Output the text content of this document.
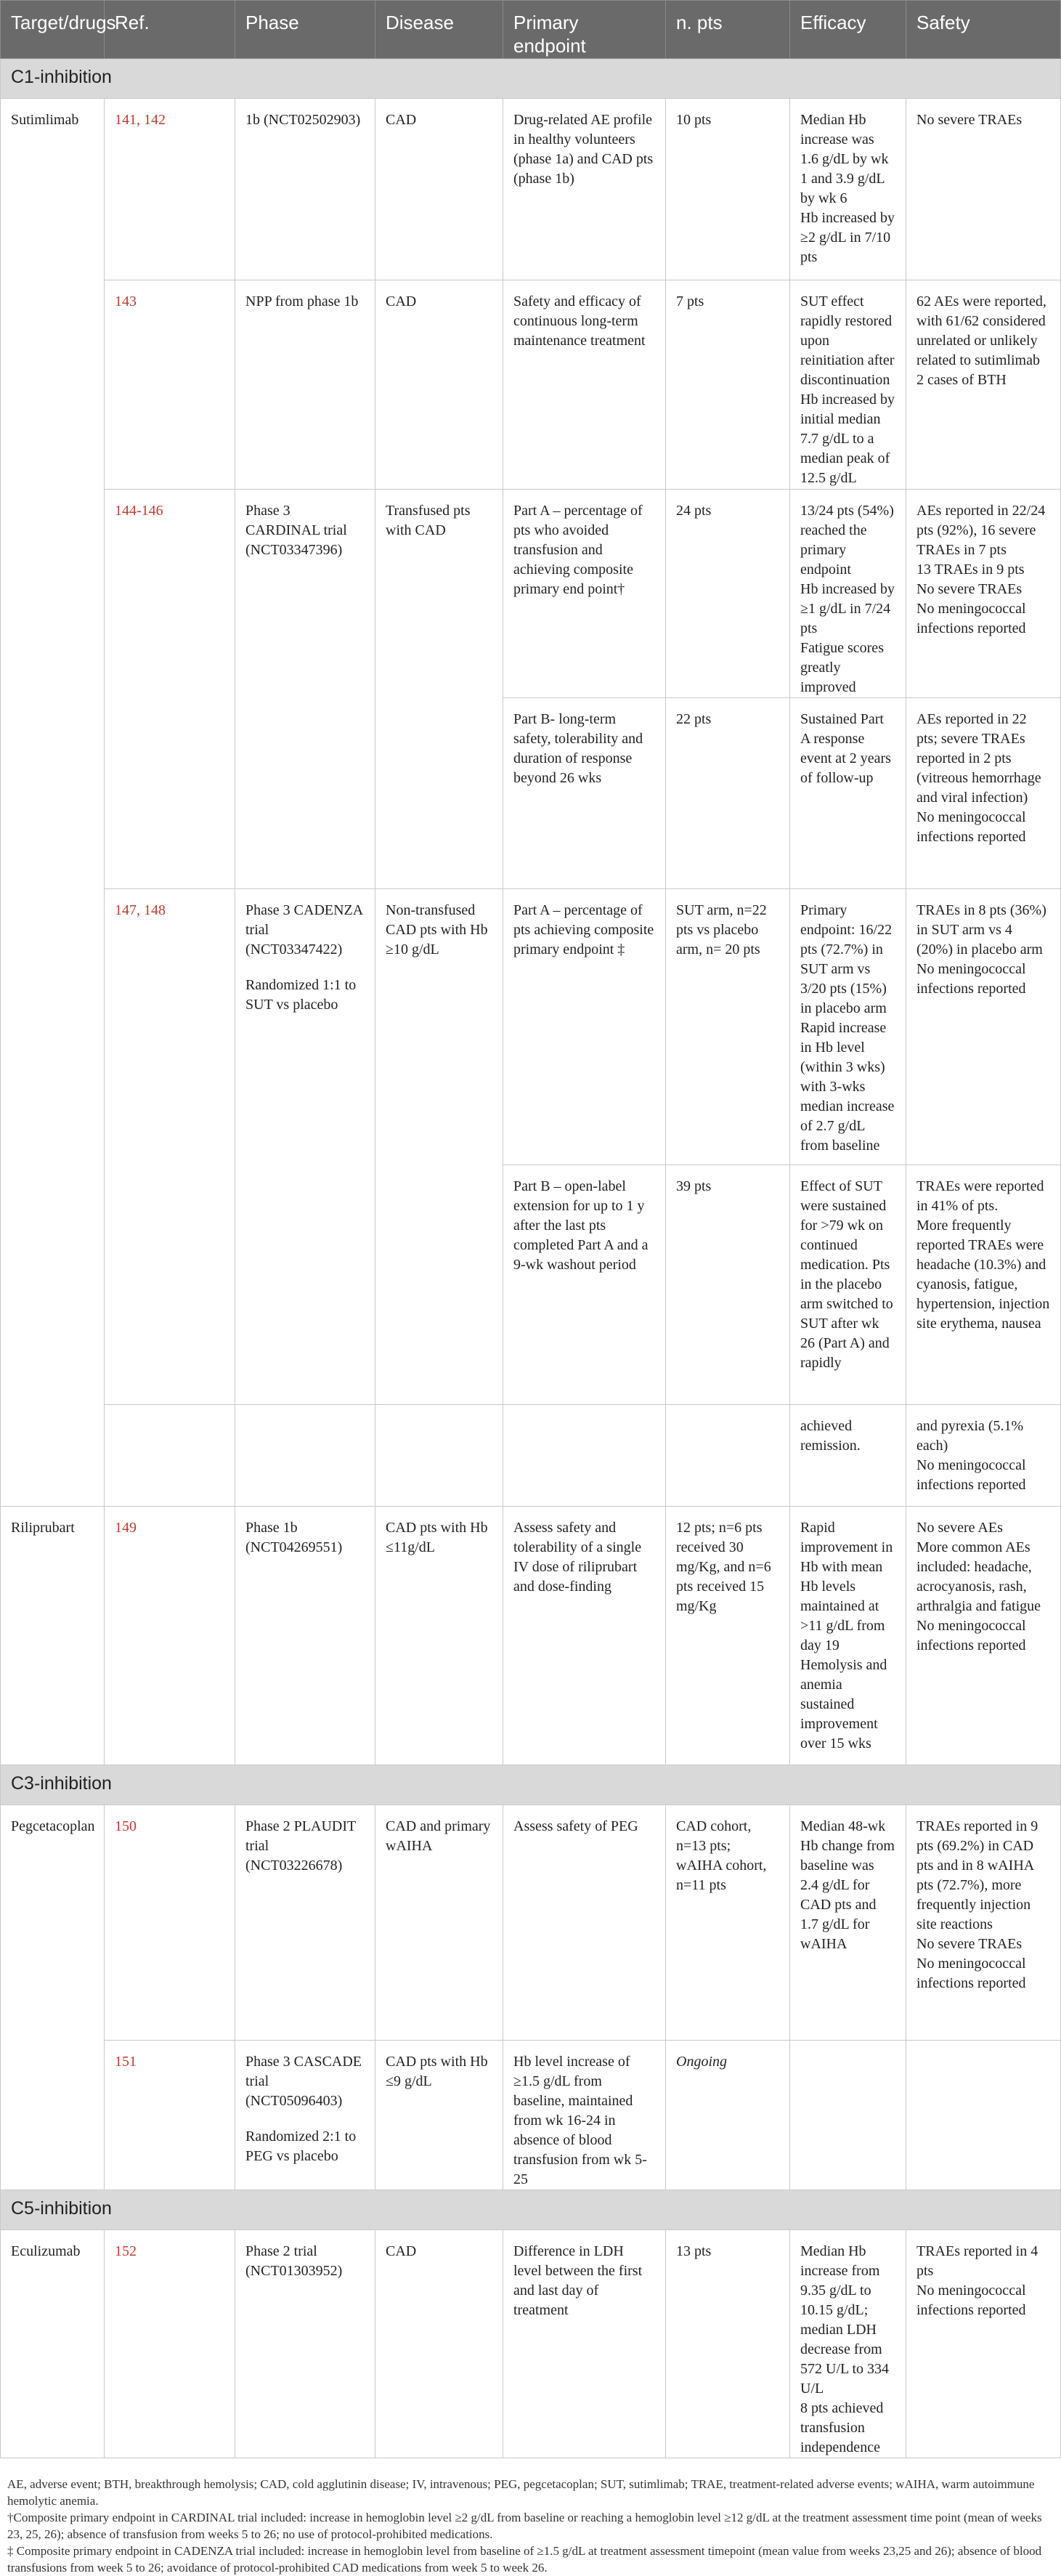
Target/drugs	Ref.	Phase	Disease	Primary endpoint	n. pts	Efficacy	Safety
C1-inhibition							
Sutimlimab	141, 142	1b (NCT02502903)	CAD	Drug-related AE profile in healthy volunteers (phase 1a) and CAD pts (phase 1b)	10 pts	Median Hb increase was 1.6 g/dL by wk 1 and 3.9 g/dL by wk 6
Hb increased by ≥2 g/dL in 7/10 pts	No severe TRAEs

	143	NPP from phase 1b	CAD	Safety and efficacy of continuous long-term maintenance treatment	7 pts	SUT effect rapidly restored upon reinitiation after discontinuation
Hb increased by initial median 7.7 g/dL to a median peak of 12.5 g/dL	62 AEs were reported, with 61/62 considered unrelated or unlikely related to sutimlimab
2 cases of BTH

	144-146	Phase 3 CARDINAL trial (NCT03347396)	Transfused pts with CAD	Part A – percentage of pts who avoided transfusion and achieving composite primary end point†	24 pts	13/24 pts (54%) reached the primary endpoint
Hb increased by ≥1 g/dL in 7/24 pts
Fatigue scores greatly improved	AEs reported in 22/24 pts (92%), 16 severe TRAEs in 7 pts
13 TRAEs in 9 pts
No severe TRAEs
No meningococcal infections reported

				Part B- long-term safety, tolerability and duration of response beyond 26 wks	22 pts	Sustained Part A response event at 2 years of follow-up	AEs reported in 22 pts; severe TRAEs reported in 2 pts (vitreous hemorrhage and viral infection)
No meningococcal infections reported

	147, 148	Phase 3 CADENZA trial (NCT03347422)
Randomized 1:1 to SUT vs placebo	Non-transfused CAD pts with Hb ≥10 g/dL	Part A – percentage of pts achieving composite primary endpoint ‡	SUT arm, n=22 pts vs placebo arm, n= 20 pts	Primary endpoint: 16/22 pts (72.7%) in SUT arm vs 3/20 pts (15%) in placebo arm
Rapid increase in Hb level (within 3 wks) with 3-wks median increase of 2.7 g/dL from baseline	TRAEs in 8 pts (36%) in SUT arm vs 4 (20%) in placebo arm
No meningococcal infections reported

				Part B – open-label extension for up to 1 y after the last pts completed Part A and a 9-wk washout period	39 pts	Effect of SUT were sustained for >79 wk on continued medication. Pts in the placebo arm switched to SUT after wk 26 (Part A) and rapidly	TRAEs were reported in 41% of pts.
More frequently reported TRAEs were headache (10.3%) and cyanosis, fatigue, hypertension, injection site erythema, nausea

						achieved remission.	and pyrexia (5.1% each)
No meningococcal infections reported

Riliprubart	149	Phase 1b (NCT04269551)	CAD pts with Hb ≤11g/dL	Assess safety and tolerability of a single IV dose of riliprubart and dose-finding	12 pts; n=6 pts received 30 mg/Kg, and n=6 pts received 15 mg/Kg	Rapid improvement in Hb with mean Hb levels maintained at >11 g/dL from day 19
Hemolysis and anemia sustained improvement over 15 wks	No severe AEs
More common AEs included: headache, acrocyanosis, rash, arthralgia and fatigue
No meningococcal infections reported

C3-inhibition							
Pegcetacoplan	150	Phase 2 PLAUDIT trial (NCT03226678)	CAD and primary wAIHA	Assess safety of PEG	CAD cohort, n=13 pts; wAIHA cohort, n=11 pts	Median 48-wk Hb change from baseline was 2.4 g/dL for CAD pts and 1.7 g/dL for wAIHA	TRAEs reported in 9 pts (69.2%) in CAD pts and in 8 wAIHA pts (72.7%), more frequently injection site reactions
No severe TRAEs
No meningococcal infections reported

	151	Phase 3 CASCADE trial (NCT05096403)
Randomized 2:1 to PEG vs placebo	CAD pts with Hb ≤9 g/dL	Hb level increase of ≥1.5 g/dL from baseline, maintained from wk 16-24 in absence of blood transfusion from wk 5-25	Ongoing		
C5-inhibition							
Eculizumab	152	Phase 2 trial (NCT01303952)	CAD	Difference in LDH level between the first and last day of treatment	13 pts	Median Hb increase from 9.35 g/dL to 10.15 g/dL; median LDH decrease from 572 U/L to 334 U/L
8 pts achieved transfusion independence	TRAEs reported in 4 pts
No meningococcal infections reported

AE, adverse event; BTH, breakthrough hemolysis; CAD, cold agglutinin disease; IV, intravenous; PEG, pegcetacoplan; SUT, sutimlimab; TRAE, treatment-related adverse events; wAIHA, warm autoimmune hemolytic anemia.

†Composite primary endpoint in CARDINAL trial included: increase in hemoglobin level ≥2 g/dL from baseline or reaching a hemoglobin level ≥12 g/dL at the treatment assessment time point (mean of weeks 23, 25, 26); absence of transfusion from weeks 5 to 26; no use of protocol-prohibited medications.

‡ Composite primary endpoint in CADENZA trial included: increase in hemoglobin level from baseline of ≥1.5 g/dL at treatment assessment timepoint (mean value from weeks 23,25 and 26); absence of blood transfusions from week 5 to 26; avoidance of protocol-prohibited CAD medications from week 5 to week 26.
